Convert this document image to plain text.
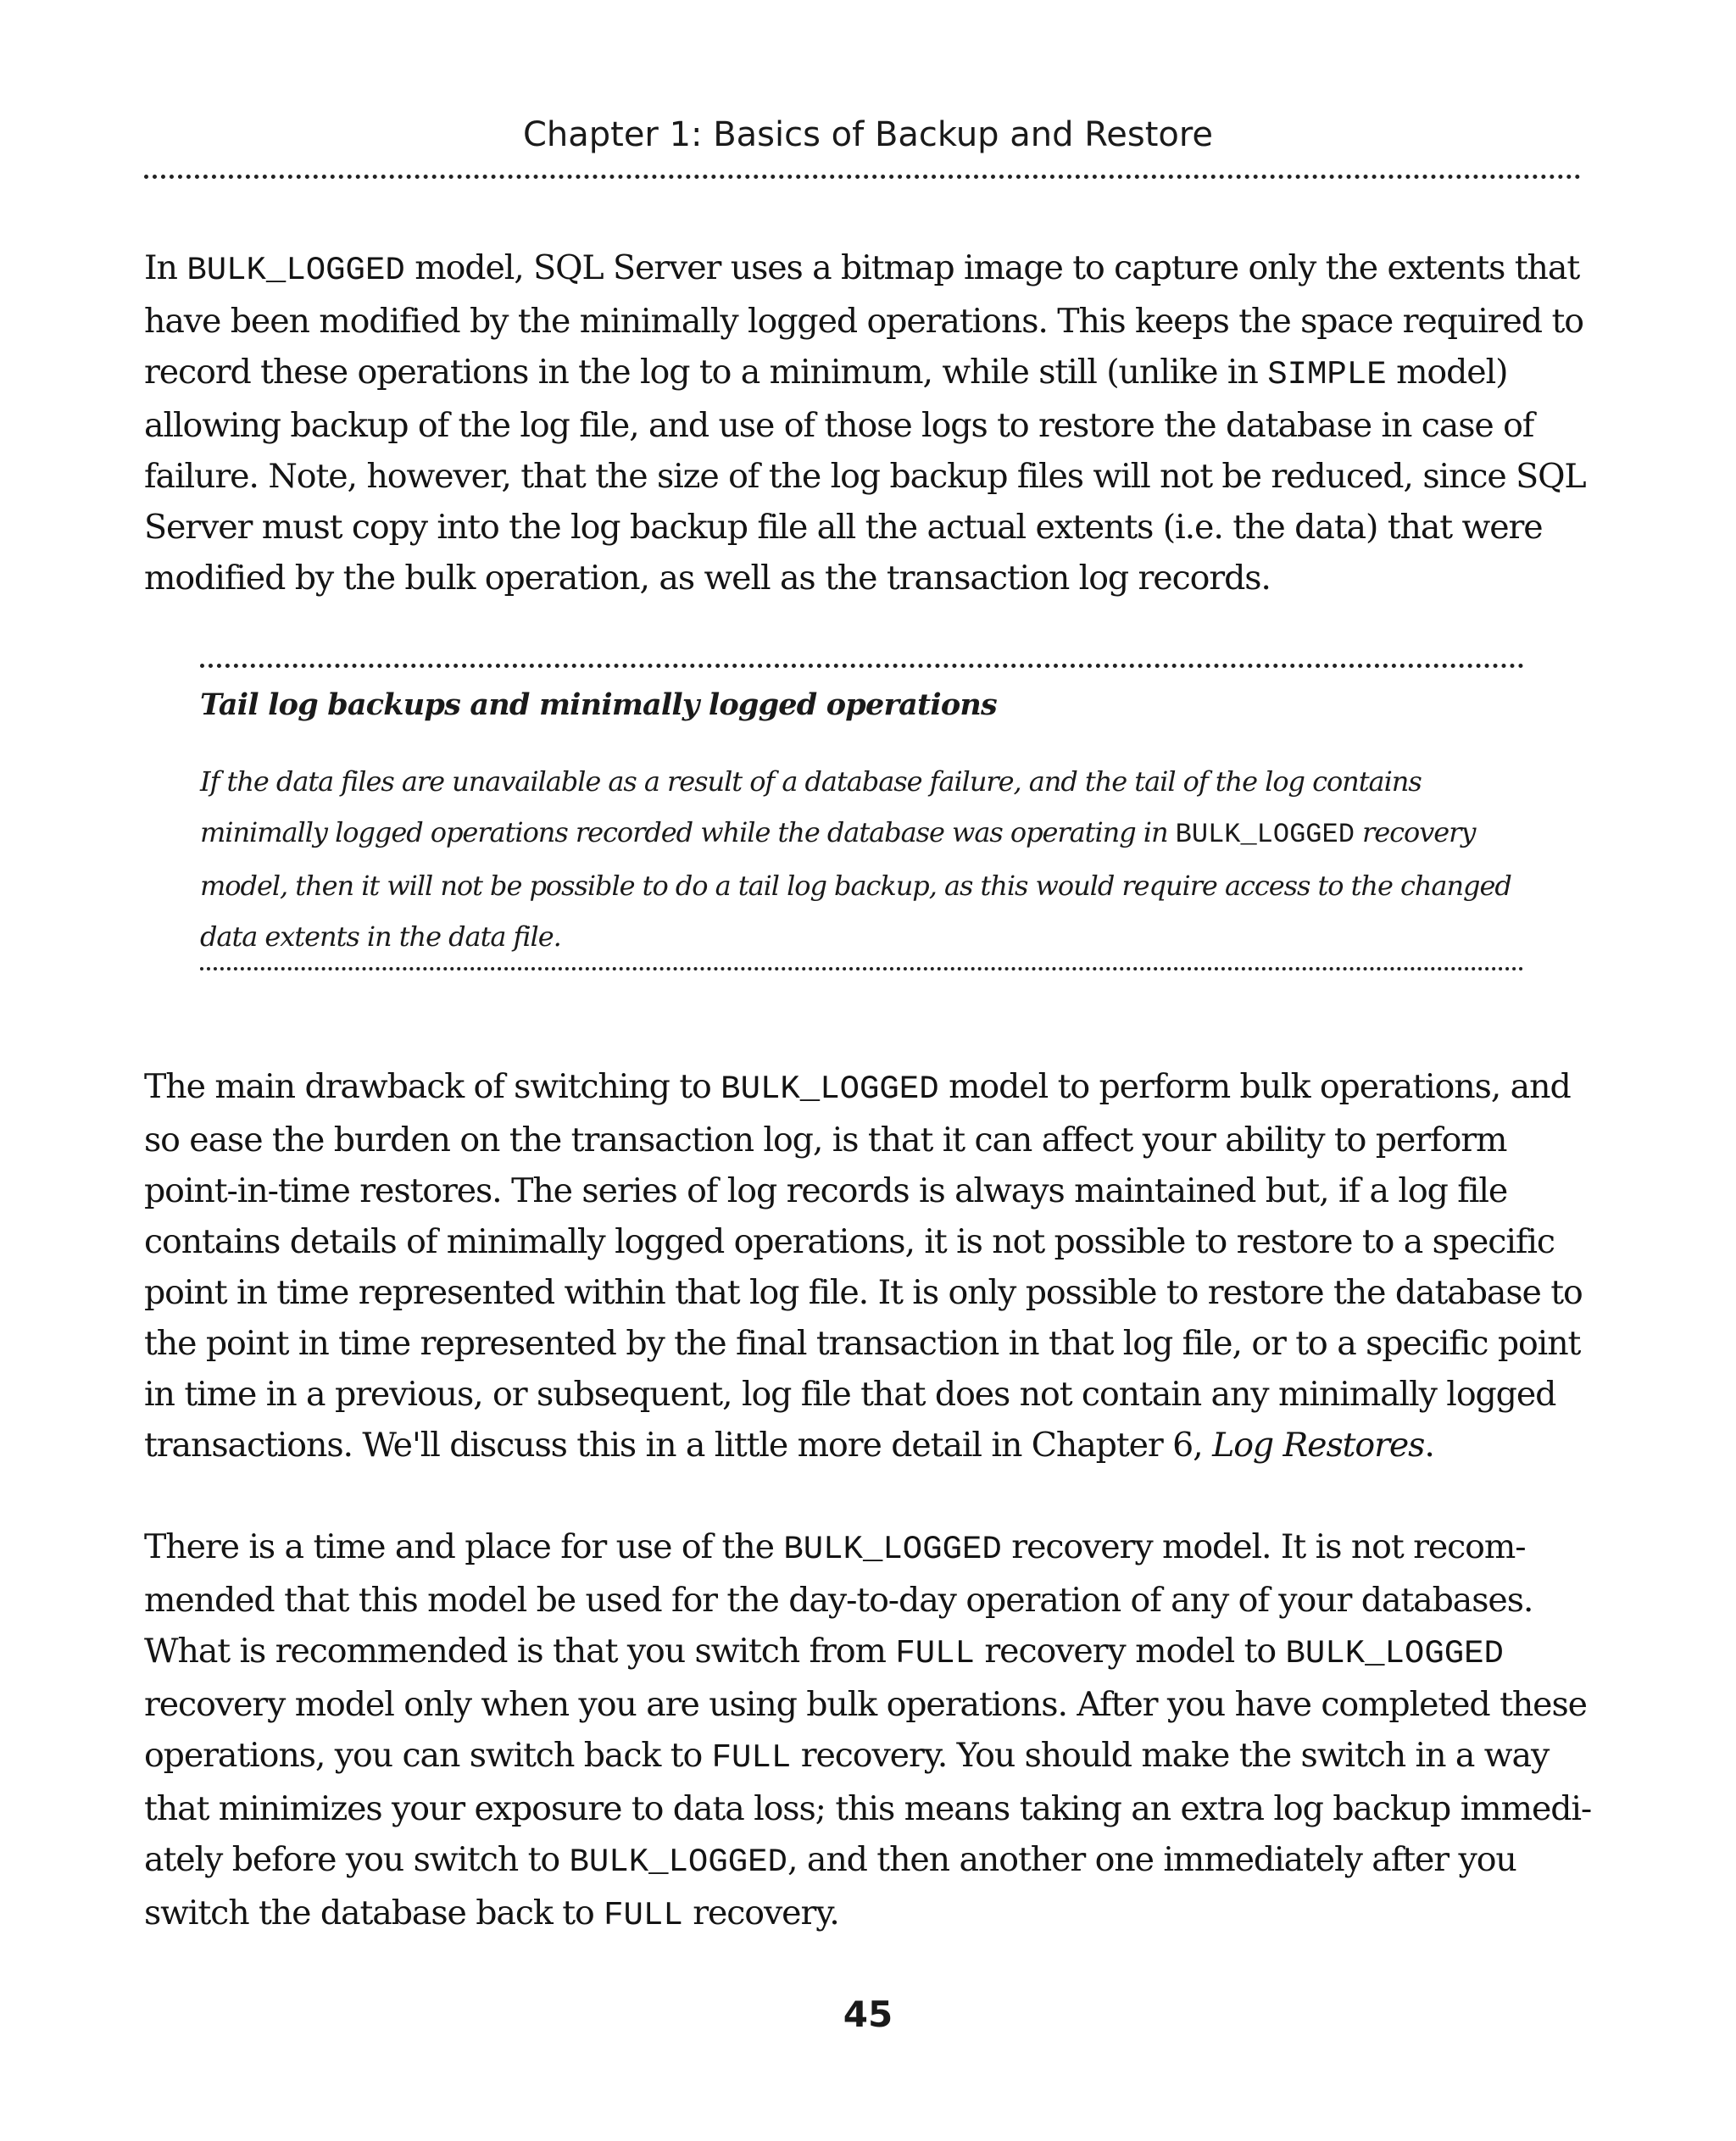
Chapter 1: Basics of Backup and Restore

In BULK_LOGGED model, SQL Server uses a bitmap image to capture only the extents that have been modified by the minimally logged operations. This keeps the space required to record these operations in the log to a minimum, while still (unlike in SIMPLE model) allowing backup of the log file, and use of those logs to restore the database in case of failure. Note, however, that the size of the log backup files will not be reduced, since SQL Server must copy into the log backup file all the actual extents (i.e. the data) that were modified by the bulk operation, as well as the transaction log records.

Tail log backups and minimally logged operations

If the data files are unavailable as a result of a database failure, and the tail of the log contains minimally logged operations recorded while the database was operating in BULK_LOGGED recovery model, then it will not be possible to do a tail log backup, as this would require access to the changed data extents in the data file.

The main drawback of switching to BULK_LOGGED model to perform bulk operations, and so ease the burden on the transaction log, is that it can affect your ability to perform point-in-time restores. The series of log records is always maintained but, if a log file contains details of minimally logged operations, it is not possible to restore to a specific point in time represented within that log file. It is only possible to restore the database to the point in time represented by the final transaction in that log file, or to a specific point in time in a previous, or subsequent, log file that does not contain any minimally logged transactions. We'll discuss this in a little more detail in Chapter 6, Log Restores.

There is a time and place for use of the BULK_LOGGED recovery model. It is not recom-mended that this model be used for the day-to-day operation of any of your databases. What is recommended is that you switch from FULL recovery model to BULK_LOGGED recovery model only when you are using bulk operations. After you have completed these operations, you can switch back to FULL recovery. You should make the switch in a way that minimizes your exposure to data loss; this means taking an extra log backup immedi-ately before you switch to BULK_LOGGED, and then another one immediately after you switch the database back to FULL recovery.

45
